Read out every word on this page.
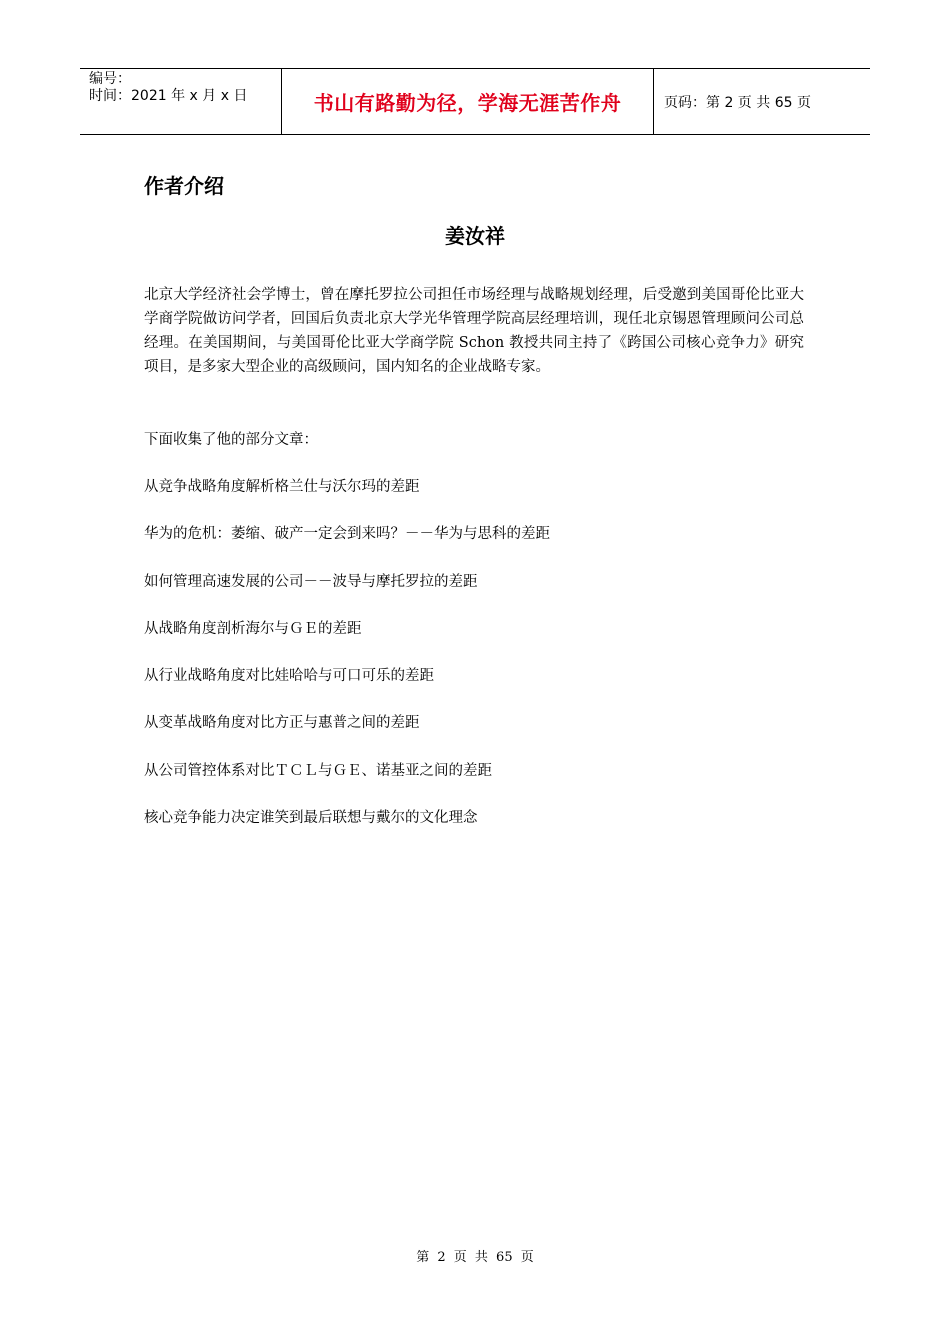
编号：
时间：2021 年 x 月 x 日	书山有路勤为径，学海无涯苦作舟	页码：第 2 页 共 65 页
作者介绍
姜汝祥

北京大学经济社会学博士，曾在摩托罗拉公司担任市场经理与战略规划经理，后受邀到美国哥伦比亚大学商学院做访问学者，回国后负责北京大学光华管理学院高层经理培训，现任北京锡恩管理顾问公司总经理。在美国期间，与美国哥伦比亚大学商学院 Schon 教授共同主持了《跨国公司核心竞争力》研究项目，是多家大型企业的高级顾问，国内知名的企业战略专家。

下面收集了他的部分文章：

从竞争战略角度解析格兰仕与沃尔玛的差距
华为的危机：萎缩、破产一定会到来吗？－－华为与思科的差距
如何管理高速发展的公司－－波导与摩托罗拉的差距
从战略角度剖析海尔与ＧＥ的差距
从行业战略角度对比娃哈哈与可口可乐的差距
从变革战略角度对比方正与惠普之间的差距
从公司管控体系对比ＴＣＬ与ＧＥ、诺基亚之间的差距
核心竞争能力决定谁笑到最后联想与戴尔的文化理念
第 2 页 共 65 页
